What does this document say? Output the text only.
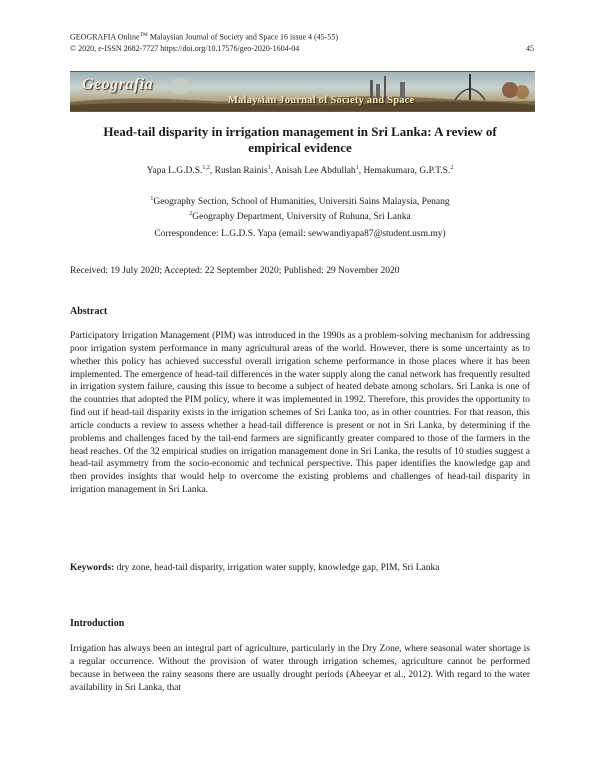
GEOGRAFIA Online™ Malaysian Journal of Society and Space 16 issue 4 (45-55)
© 2020, e-ISSN 2682-7727 https://doi.org/10.17576/geo-2020-1604-04	45
Geografia
Malaysian Journal of Society and Space
Head-tail disparity in irrigation management in Sri Lanka: A review of empirical evidence
Yapa L.G.D.S.$^{1,2}$, Ruslan Rainis$^1$, Anisah Lee Abdullah$^1$, Hemakumara, G.P.T.S.$^2$
$^1$Geography Section, School of Humanities, Universiti Sains Malaysia, Penang
$^2$Geography Department, University of Ruhuna, Sri Lanka
Correspondence: L.G.D.S. Yapa (email: sewwandiyapa87@student.usm.my)
Received: 19 July 2020; Accepted: 22 September 2020; Published: 29 November 2020
Abstract
Participatory Irrigation Management (PIM) was introduced in the 1990s as a problem-solving mechanism for addressing poor irrigation system performance in many agricultural areas of the world. However, there is some uncertainty as to whether this policy has achieved successful overall irrigation scheme performance in those places where it has been implemented. The emergence of head-tail differences in the water supply along the canal network has frequently resulted in irrigation system failure, causing this issue to become a subject of heated debate among scholars. Sri Lanka is one of the countries that adopted the PIM policy, where it was implemented in 1992. Therefore, this provides the opportunity to find out if head-tail disparity exists in the irrigation schemes of Sri Lanka too, as in other countries. For that reason, this article conducts a review to assess whether a head-tail difference is present or not in Sri Lanka, by determining if the problems and challenges faced by the tail-end farmers are significantly greater compared to those of the farmers in the head reaches. Of the 32 empirical studies on irrigation management done in Sri Lanka, the results of 10 studies suggest a head-tail asymmetry from the socio-economic and technical perspective. This paper identifies the knowledge gap and then provides insights that would help to overcome the existing problems and challenges of head-tail disparity in irrigation management in Sri Lanka.
Keywords: dry zone, head-tail disparity, irrigation water supply, knowledge gap, PIM, Sri Lanka
Introduction
Irrigation has always been an integral part of agriculture, particularly in the Dry Zone, where seasonal water shortage is a regular occurrence. Without the provision of water through irrigation schemes, agriculture cannot be performed because in between the rainy seasons there are usually drought periods (Aheeyar et al., 2012). With regard to the water availability in Sri Lanka, that
